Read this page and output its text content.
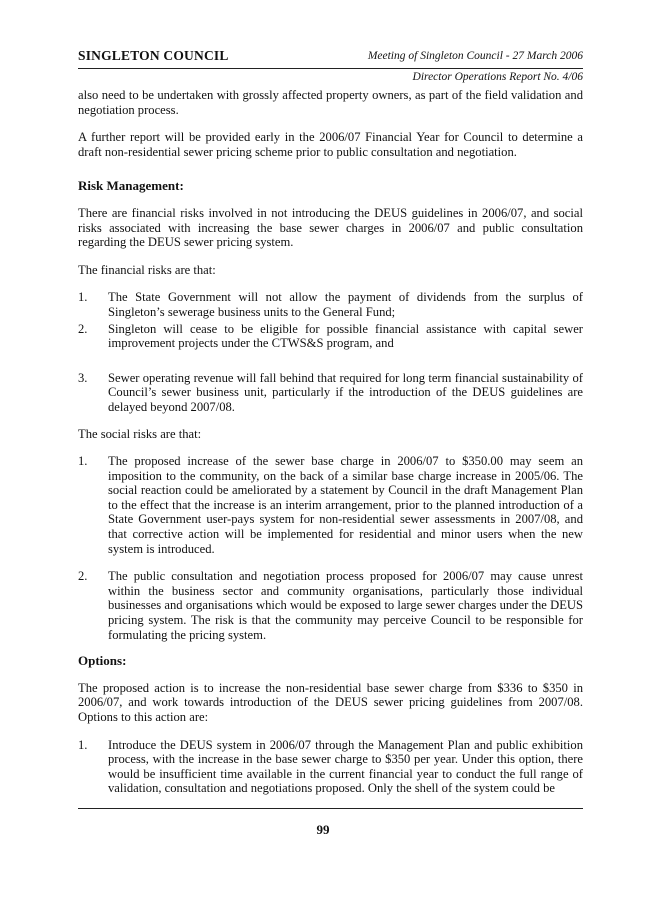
SINGLETON COUNCIL	Meeting of Singleton Council - 27 March 2006
Director Operations Report No. 4/06

also need to be undertaken with grossly affected property owners, as part of the field validation and negotiation process.

A further report will be provided early in the 2006/07 Financial Year for Council to determine a draft non-residential sewer pricing scheme prior to public consultation and negotiation.

Risk Management:

There are financial risks involved in not introducing the DEUS guidelines in 2006/07, and social risks associated with increasing the base sewer charges in 2006/07 and public consultation regarding the DEUS sewer pricing system.

The financial risks are that:

1. The State Government will not allow the payment of dividends from the surplus of Singleton’s sewerage business units to the General Fund;
2. Singleton will cease to be eligible for possible financial assistance with capital sewer improvement projects under the CTWS&S program, and
3. Sewer operating revenue will fall behind that required for long term financial sustainability of Council’s sewer business unit, particularly if the introduction of the DEUS guidelines are delayed beyond 2007/08.

The social risks are that:

1. The proposed increase of the sewer base charge in 2006/07 to $350.00 may seem an imposition to the community, on the back of a similar base charge increase in 2005/06. The social reaction could be ameliorated by a statement by Council in the draft Management Plan to the effect that the increase is an interim arrangement, prior to the planned introduction of a State Government user-pays system for non-residential sewer assessments in 2007/08, and that corrective action will be implemented for residential and minor users when the new system is introduced.
2. The public consultation and negotiation process proposed for 2006/07 may cause unrest within the business sector and community organisations, particularly those individual businesses and organisations which would be exposed to large sewer charges under the DEUS pricing system. The risk is that the community may perceive Council to be responsible for formulating the pricing system.
Options:

The proposed action is to increase the non-residential base sewer charge from $336 to $350 in 2006/07, and work towards introduction of the DEUS sewer pricing guidelines from 2007/08. Options to this action are:

1. Introduce the DEUS system in 2006/07 through the Management Plan and public exhibition process, with the increase in the base sewer charge to $350 per year. Under this option, there would be insufficient time available in the current financial year to conduct the full range of validation, consultation and negotiations proposed. Only the shell of the system could be
99
